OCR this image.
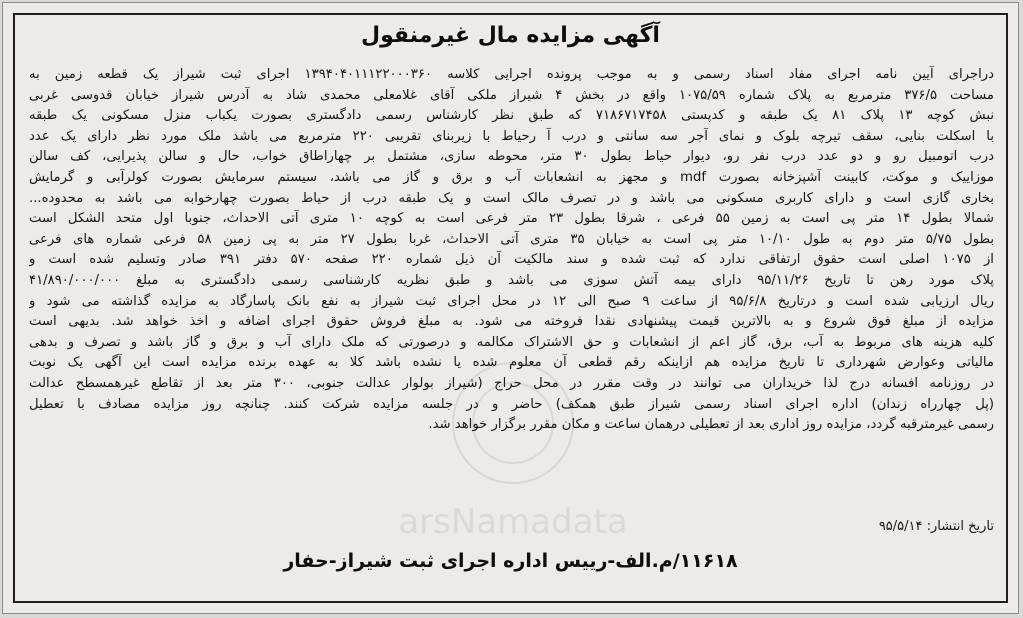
آگهی مزایده مال غیرمنقول
دراجرای آیین نامه اجرای مفاد اسناد رسمی و به موجب پرونده اجرایی کلاسه ۱۳۹۴۰۴۰۱۱۱۲۲۰۰۰۳۶۰ اجرای ثبت شیراز یک قطعه زمین به
مساحت ۳۷۶/۵ مترمربع به پلاک شماره ۱۰۷۵/۵۹ واقع در بخش ۴ شیراز ملکی آقای غلامعلی محمدی شاد به آدرس شیراز خیابان قدوسی غربی
نبش کوچه ۱۳ پلاک ۸۱ یک طبقه و کدپستی ۷۱۸۶۷۱۷۴۵۸ که طبق نظر کارشناس رسمی دادگستری بصورت یکباب منزل مسکونی یک طبقه
با اسکلت بنایی، سقف تیرچه بلوک و نمای آجر سه سانتی و درب آ رحیاط با زیربنای تقریبی ۲۲۰ مترمربع می باشد ملک مورد نظر دارای یک عدد
درب اتومبیل رو و دو عدد درب نفر رو، دیوار حیاط بطول ۳۰ متر، محوطه سازی، مشتمل بر چهاراطاق خواب، حال و سالن پذیرایی، کف سالن
موزاییک و موکت، کابینت آشپزخانه بصورت mdf و مجهز به انشعابات آب و برق و گاز می باشد، سیستم سرمایش بصورت کولرآبی و گرمایش
بخاری گازی است و دارای کاربری مسکونی می باشد و در تصرف مالک است و یک طبقه درب از حیاط بصورت چهارخوابه می باشد به محدوده...
شمالا بطول ۱۴ متر پی است به زمین ۵۵ فرعی ، شرقا بطول ۲۳ متر فرعی است به کوچه ۱۰ متری آتی الاحداث، جنوبا اول متحد الشکل است
بطول ۵/۷۵ متر دوم به طول ۱۰/۱۰ متر پی است به خیابان ۳۵ متری آتی الاحداث، غربا بطول ۲۷ متر به پی زمین ۵۸ فرعی شماره های فرعی
از ۱۰۷۵ اصلی است حقوق ارتفاقی ندارد که ثبت شده و سند مالکیت آن ذیل شماره ۲۲۰ صفحه ۵۷۰ دفتر ۳۹۱ صادر وتسلیم شده است و
پلاک مورد رهن تا تاریخ ۹۵/۱۱/۲۶ دارای بیمه آتش سوزی می باشد و طبق نظریه کارشناسی رسمی دادگستری به مبلغ ۴۱/۸۹۰/۰۰۰/۰۰۰
ریال ارزیابی شده است و درتاریخ ۹۵/۶/۸ از ساعت ۹ صبح الی ۱۲ در محل اجرای ثبت شیراز به نفع بانک پاسارگاد به مزایده گذاشته می شود و
مزایده از مبلغ فوق شروع و به بالاترین قیمت پیشنهادی نقدا فروخته می شود. به مبلغ فروش حقوق اجرای اضافه و اخذ خواهد شد. بدیهی است
کلیه هزینه های مربوط به آب، برق، گاز اعم از انشعابات و حق الاشتراک مکالمه و درصورتی که ملک دارای آب و برق و گاز باشد و تصرف و بدهی
مالیاتی وعوارض شهرداری تا تاریخ مزایده هم ازاینکه رقم قطعی آن معلوم شده یا نشده باشد کلا به عهده برنده مزایده است این آگهی یک نوبت
در روزنامه افسانه درج لذا خریداران می توانند در وقت مقرر در محل حراج (شیراز بولوار عدالت جنوبی، ۳۰۰ متر بعد از تقاطع غیرهمسطح عدالت
(پل چهارراه زندان) اداره اجرای اسناد رسمی شیراز طبق همکف) حاضر و در جلسه مزایده شرکت کنند. چنانچه روز مزایده مصادف با تعطیل
رسمی غیرمترقبه گردد، مزایده روز اداری بعد از تعطیلی درهمان ساعت و مکان مقرر برگزار خواهد شد.
تاریخ انتشار: ۹۵/۵/۱۴
۱۱۶۱۸/م.الف-رییس اداره اجرای ثبت شیراز-حفار
arsNamadata
